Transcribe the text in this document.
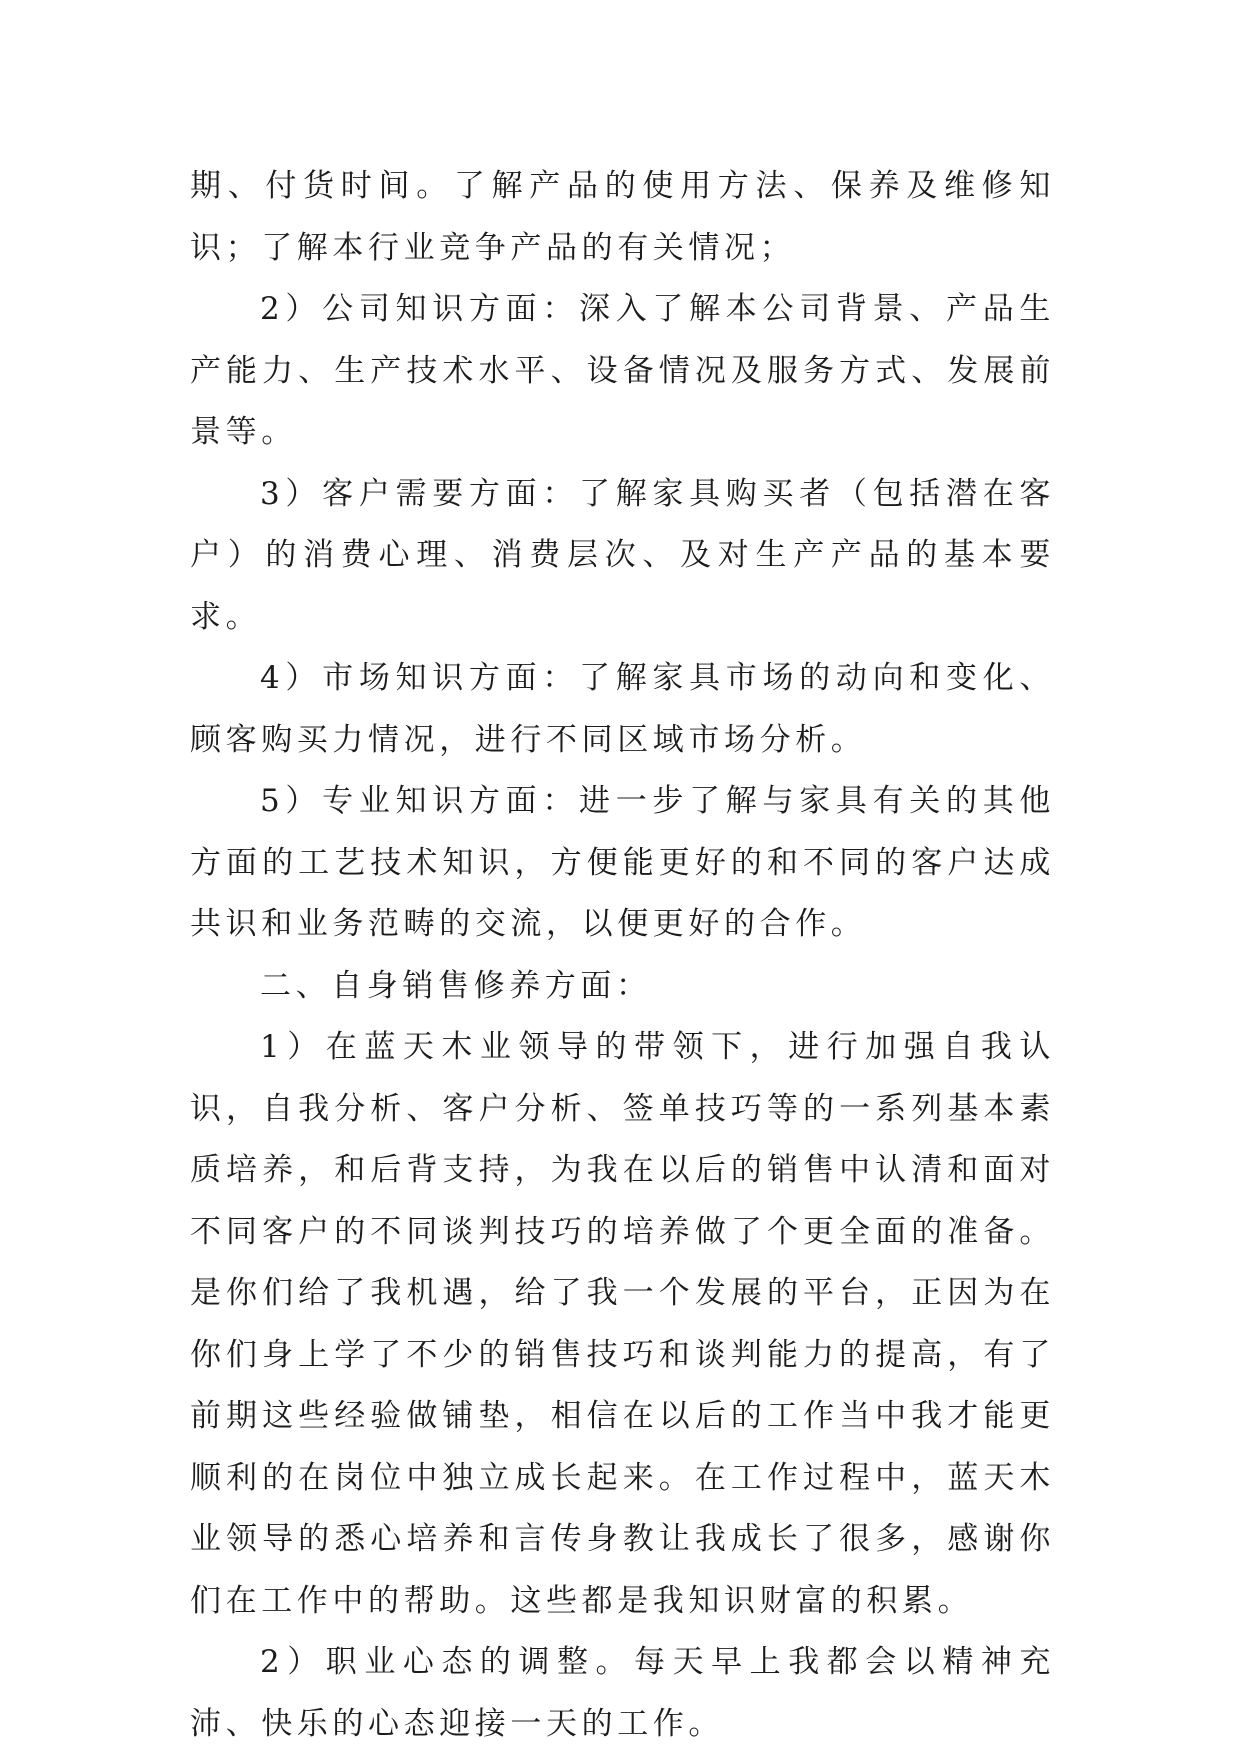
期、付货时间。了解产品的使用方法、保养及维修知识；了解本行业竞争产品的有关情况；

2）公司知识方面：深入了解本公司背景、产品生产能力、生产技术水平、设备情况及服务方式、发展前景等。

3）客户需要方面：了解家具购买者（包括潜在客户）的消费心理、消费层次、及对生产产品的基本要求。

4）市场知识方面：了解家具市场的动向和变化、顾客购买力情况，进行不同区域市场分析。

5）专业知识方面：进一步了解与家具有关的其他方面的工艺技术知识，方便能更好的和不同的客户达成共识和业务范畴的交流，以便更好的合作。

二、自身销售修养方面：

1）在蓝天木业领导的带领下，进行加强自我认识，自我分析、客户分析、签单技巧等的一系列基本素质培养，和后背支持，为我在以后的销售中认清和面对不同客户的不同谈判技巧的培养做了个更全面的准备。是你们给了我机遇，给了我一个发展的平台，正因为在你们身上学了不少的销售技巧和谈判能力的提高，有了前期这些经验做铺垫，相信在以后的工作当中我才能更顺利的在岗位中独立成长起来。在工作过程中，蓝天木业领导的悉心培养和言传身教让我成长了很多，感谢你们在工作中的帮助。这些都是我知识财富的积累。

2）职业心态的调整。每天早上我都会以精神充沛、快乐的心态迎接一天的工作。
